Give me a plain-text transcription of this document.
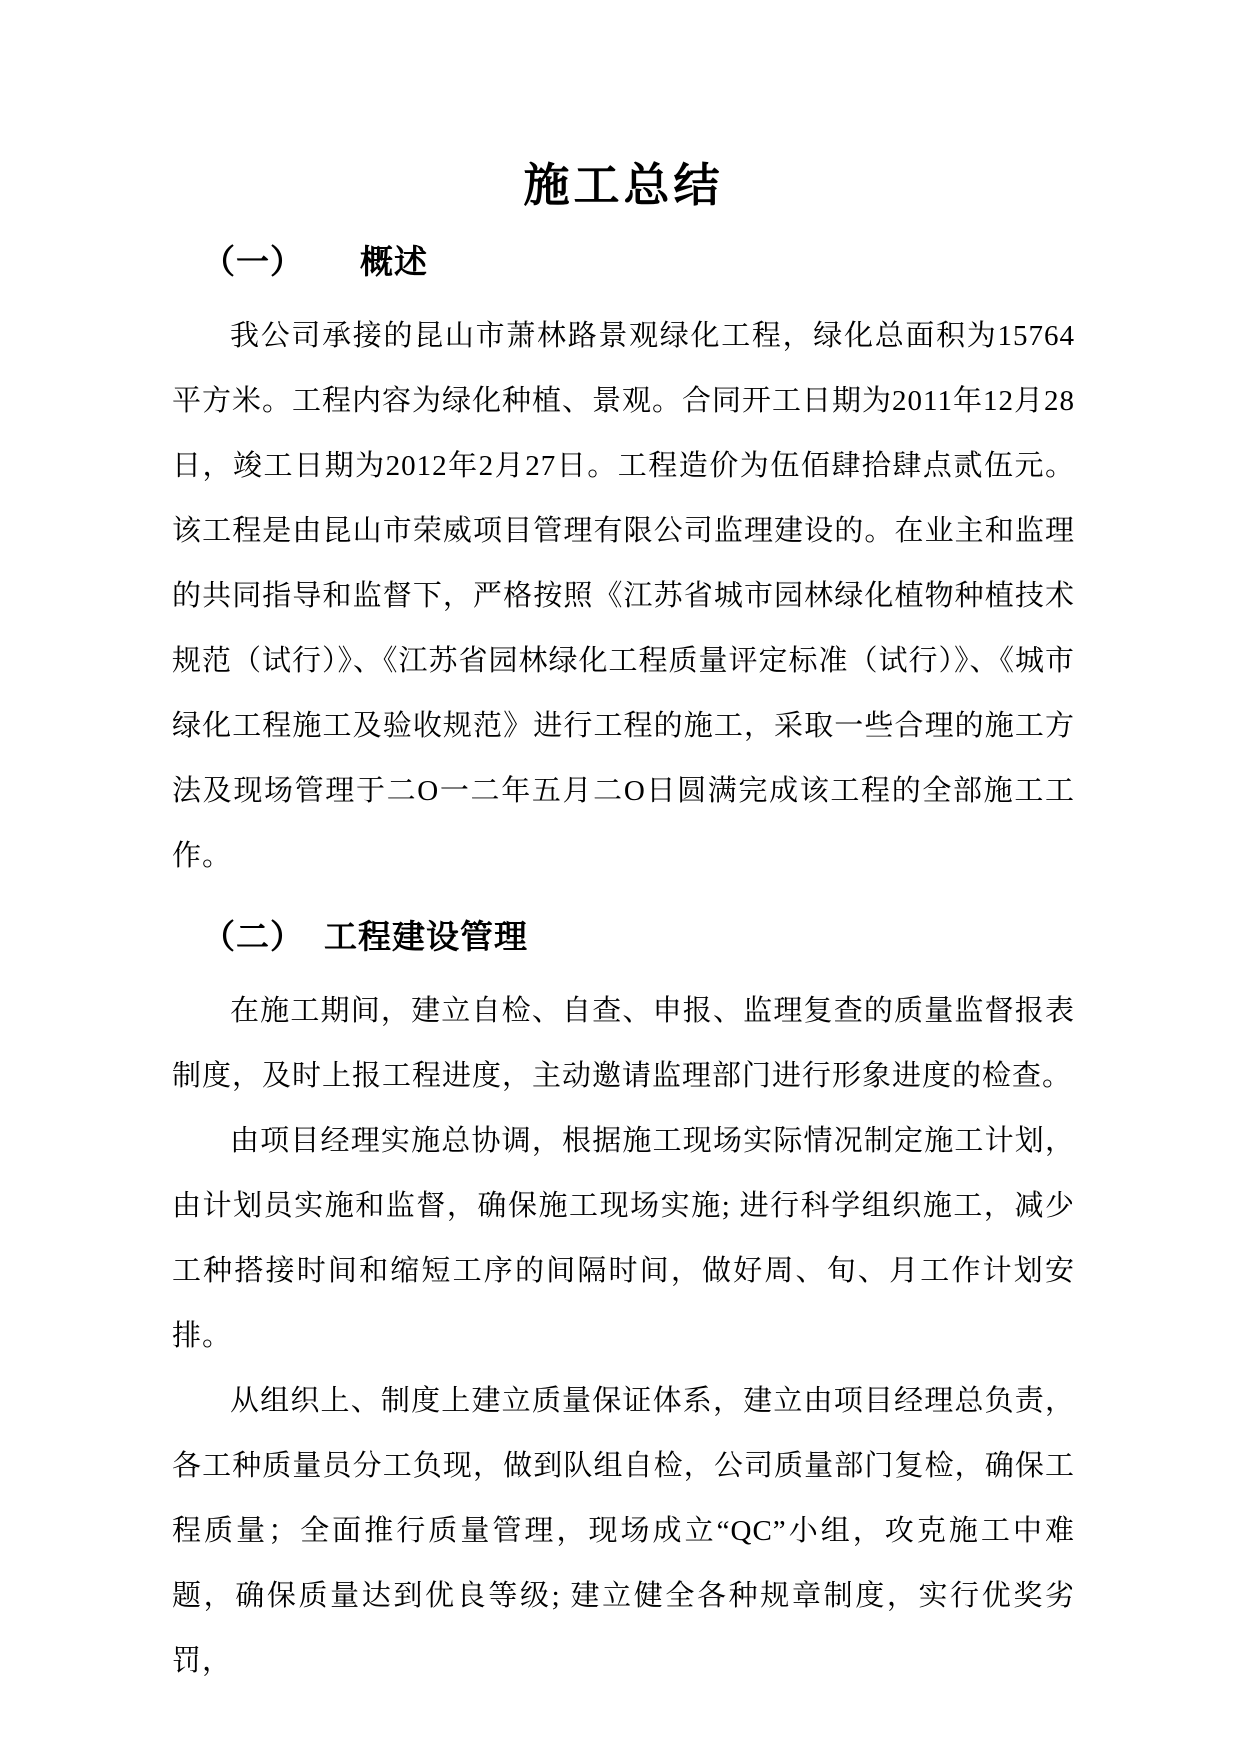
施工总结
（一） 概述

我公司承接的昆山市萧林路景观绿化工程，绿化总面积为15764平方米。工程内容为绿化种植、景观。合同开工日期为2011年12月28日，竣工日期为2012年2月27日。工程造价为伍佰肆拾肆点贰伍元。该工程是由昆山市荣威项目管理有限公司监理建设的。在业主和监理的共同指导和监督下，严格按照《江苏省城市园林绿化植物种植技术规范（试行）》、《江苏省园林绿化工程质量评定标准（试行）》、《城市绿化工程施工及验收规范》进行工程的施工，采取一些合理的施工方法及现场管理于二O一二年五月二O日圆满完成该工程的全部施工工作。

（二） 工程建设管理

在施工期间，建立自检、自查、申报、监理复查的质量监督报表制度，及时上报工程进度，主动邀请监理部门进行形象进度的检查。

由项目经理实施总协调，根据施工现场实际情况制定施工计划，由计划员实施和监督，确保施工现场实施; 进行科学组织施工，减少工种搭接时间和缩短工序的间隔时间，做好周、旬、月工作计划安排。

从组织上、制度上建立质量保证体系，建立由项目经理总负责，各工种质量员分工负现，做到队组自检，公司质量部门复检，确保工程质量；全面推行质量管理，现场成立“QC”小组，攻克施工中难题，确保质量达到优良等级; 建立健全各种规章制度，实行优奖劣罚，
